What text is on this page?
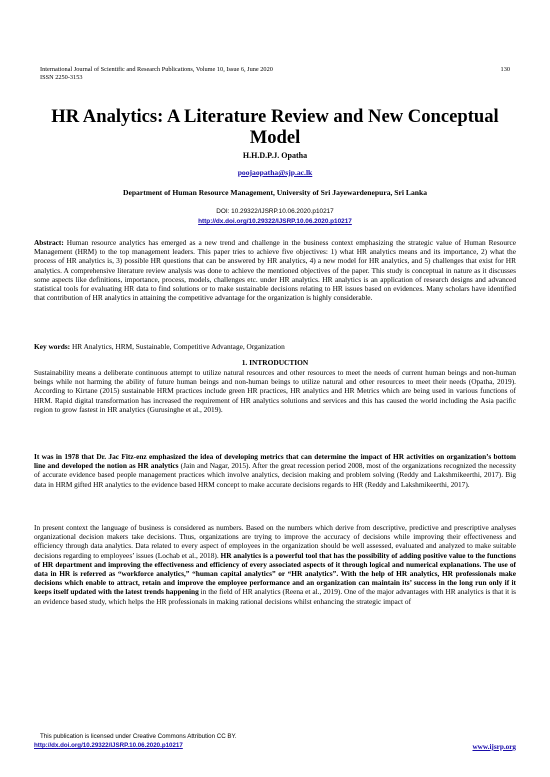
International Journal of Scientific and Research Publications, Volume 10, Issue 6, June 2020
ISSN 2250-3153
130
HR Analytics: A Literature Review and New Conceptual Model
H.H.D.P.J. Opatha
poojaopatha@sjp.ac.lk
Department of Human Resource Management, University of Sri Jayewardenepura, Sri Lanka
DOI: 10.29322/IJSRP.10.06.2020.p10217
http://dx.doi.org/10.29322/IJSRP.10.06.2020.p10217
Abstract: Human resource analytics has emerged as a new trend and challenge in the business context emphasizing the strategic value of Human Resource Management (HRM) to the top management leaders. This paper tries to achieve five objectives: 1) what HR analytics means and its importance, 2) what the process of HR analytics is, 3) possible HR questions that can be answered by HR analytics, 4) a new model for HR analytics, and 5) challenges that exist for HR analytics. A comprehensive literature review analysis was done to achieve the mentioned objectives of the paper. This study is conceptual in nature as it discusses some aspects like definitions, importance, process, models, challenges etc. under HR analytics. HR analytics is an application of research designs and advanced statistical tools for evaluating HR data to find solutions or to make sustainable decisions relating to HR issues based on evidences. Many scholars have identified that contribution of HR analytics in attaining the competitive advantage for the organization is highly considerable.
Key words: HR Analytics, HRM, Sustainable, Competitive Advantage, Organization
1. INTRODUCTION
Sustainability means a deliberate continuous attempt to utilize natural resources and other resources to meet the needs of current human beings and non-human beings while not harming the ability of future human beings and non-human beings to utilize natural and other resources to meet their needs (Opatha, 2019). According to Kirtane (2015) sustainable HRM practices include green HR practices, HR analytics and HR Metrics which are being used in various functions of HRM. Rapid digital transformation has increased the requirement of HR analytics solutions and services and this has caused the world including the Asia pacific region to grow fastest in HR analytics (Gurusinghe et al., 2019).
It was in 1978 that Dr. Jac Fitz-enz emphasized the idea of developing metrics that can determine the impact of HR activities on organization’s bottom line and developed the notion as HR analytics (Jain and Nagar, 2015). After the great recession period 2008, most of the organizations recognized the necessity of accurate evidence based people management practices which involve analytics, decision making and problem solving (Reddy and Lakshmikeerthi, 2017). Big data in HRM gifted HR analytics to the evidence based HRM concept to make accurate decisions regards to HR (Reddy and Lakshmikeerthi, 2017).
In present context the language of business is considered as numbers. Based on the numbers which derive from descriptive, predictive and prescriptive analyses organizational decision makers take decisions. Thus, organizations are trying to improve the accuracy of decisions while improving their effectiveness and efficiency through data analytics. Data related to every aspect of employees in the organization should be well assessed, evaluated and analyzed to make suitable decisions regarding to employees’ issues (Lochab et al., 2018). HR analytics is a powerful tool that has the possibility of adding positive value to the functions of HR department and improving the effectiveness and efficiency of every associated aspects of it through logical and numerical explanations. The use of data in HR is referred as “workforce analytics,” “human capital analytics” or “HR analytics”. With the help of HR analytics, HR professionals make decisions which enable to attract, retain and improve the employee performance and an organization can maintain its’ success in the long run only if it keeps itself updated with the latest trends happening in the field of HR analytics (Reena et al., 2019). One of the major advantages with HR analytics is that it is an evidence based study, which helps the HR professionals in making rational decisions whilst enhancing the strategic impact of
This publication is licensed under Creative Commons Attribution CC BY.
http://dx.doi.org/10.29322/IJSRP.10.06.2020.p10217	www.ijsrp.org
